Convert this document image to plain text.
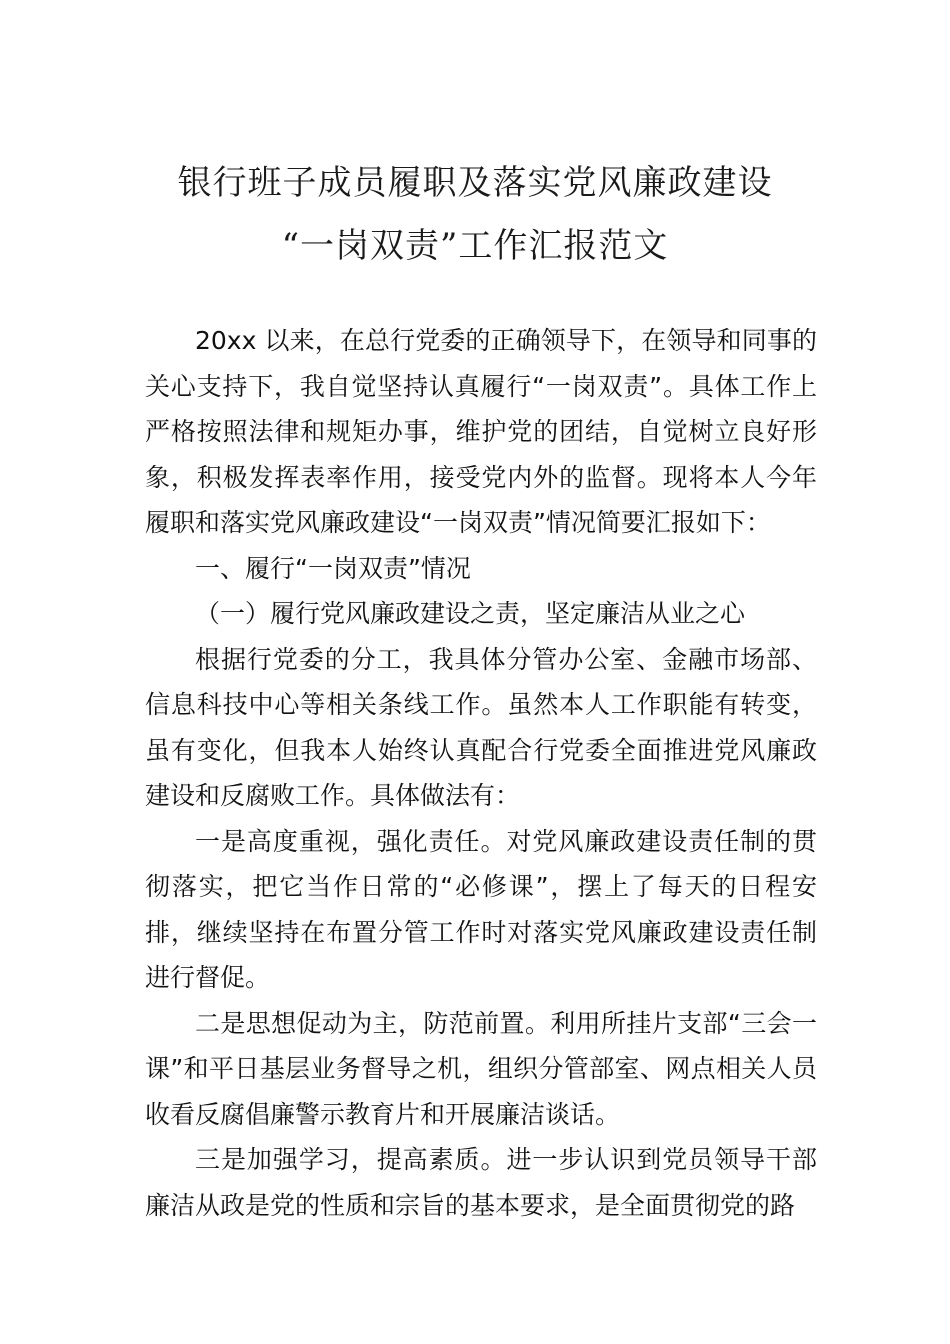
银行班子成员履职及落实党风廉政建设
“一岗双责”工作汇报范文

20xx 以来，在总行党委的正确领导下，在领导和同事的关心支持下，我自觉坚持认真履行“一岗双责”。具体工作上严格按照法律和规矩办事，维护党的团结，自觉树立良好形象，积极发挥表率作用，接受党内外的监督。现将本人今年履职和落实党风廉政建设“一岗双责”情况简要汇报如下：

一、履行“一岗双责”情况

（一）履行党风廉政建设之责，坚定廉洁从业之心

根据行党委的分工，我具体分管办公室、金融市场部、信息科技中心等相关条线工作。虽然本人工作职能有转变，虽有变化，但我本人始终认真配合行党委全面推进党风廉政建设和反腐败工作。具体做法有：

一是高度重视，强化责任。对党风廉政建设责任制的贯彻落实，把它当作日常的“必修课”，摆上了每天的日程安排，继续坚持在布置分管工作时对落实党风廉政建设责任制进行督促。

二是思想促动为主，防范前置。利用所挂片支部“三会一课”和平日基层业务督导之机，组织分管部室、网点相关人员收看反腐倡廉警示教育片和开展廉洁谈话。

三是加强学习，提高素质。进一步认识到党员领导干部廉洁从政是党的性质和宗旨的基本要求，是全面贯彻党的路
